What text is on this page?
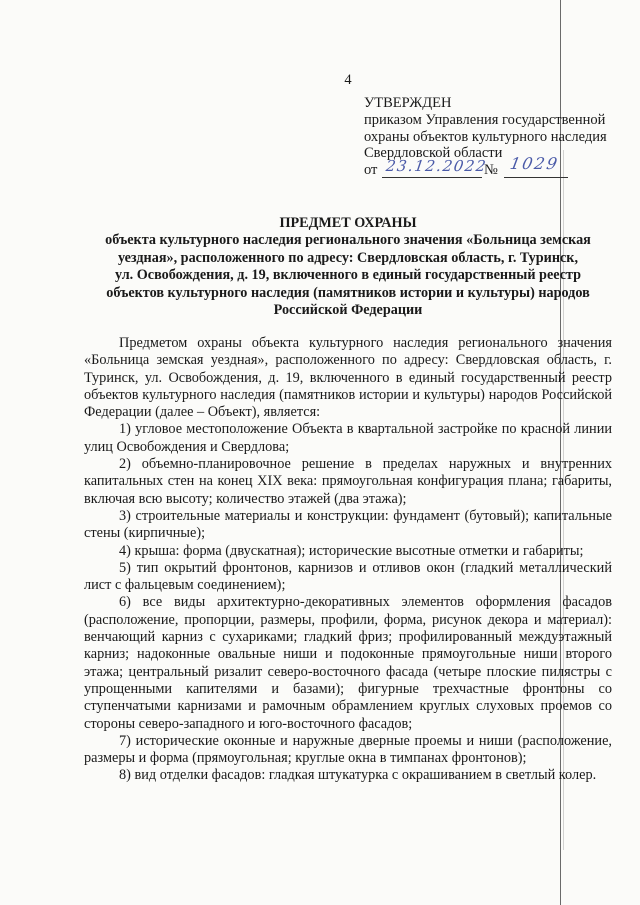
4
УТВЕРЖДЕН
приказом Управления государственной
охраны объектов культурного наследия
Свердловской области
от 23.12.2022
№ 1029
ПРЕДМЕТ ОХРАНЫ
объекта культурного наследия регионального значения «Больница земская
уездная», расположенного по адресу: Свердловская область, г. Туринск,
ул. Освобождения, д. 19, включенного в единый государственный реестр
объектов культурного наследия (памятников истории и культуры) народов
Российской Федерации

Предметом охраны объекта культурного наследия регионального значения «Больница земская уездная», расположенного по адресу: Свердловская область, г. Туринск, ул. Освобождения, д. 19, включенного в единый государственный реестр объектов культурного наследия (памятников истории и культуры) народов Российской Федерации (далее – Объект), является:

1) угловое местоположение Объекта в квартальной застройке по красной линии улиц Освобождения и Свердлова;

2) объемно-планировочное решение в пределах наружных и внутренних капитальных стен на конец XIX века: прямоугольная конфигурация плана; габариты, включая всю высоту; количество этажей (два этажа);

3) строительные материалы и конструкции: фундамент (бутовый); капитальные стены (кирпичные);

4) крыша: форма (двускатная); исторические высотные отметки и габариты;

5) тип окрытий фронтонов, карнизов и отливов окон (гладкий металлический лист с фальцевым соединением);

6) все виды архитектурно-декоративных элементов оформления фасадов (расположение, пропорции, размеры, профили, форма, рисунок декора и материал): венчающий карниз с сухариками; гладкий фриз; профилированный междуэтажный карниз; надоконные овальные ниши и подоконные прямоугольные ниши второго этажа; центральный ризалит северо-восточного фасада (четыре плоские пилястры с упрощенными капителями и базами); фигурные трехчастные фронтоны со ступенчатыми карнизами и рамочным обрамлением круглых слуховых проемов со стороны северо-западного и юго-восточного фасадов;

7) исторические оконные и наружные дверные проемы и ниши (расположение, размеры и форма (прямоугольная; круглые окна в тимпанах фронтонов);

8) вид отделки фасадов: гладкая штукатурка с окрашиванием в светлый колер.
